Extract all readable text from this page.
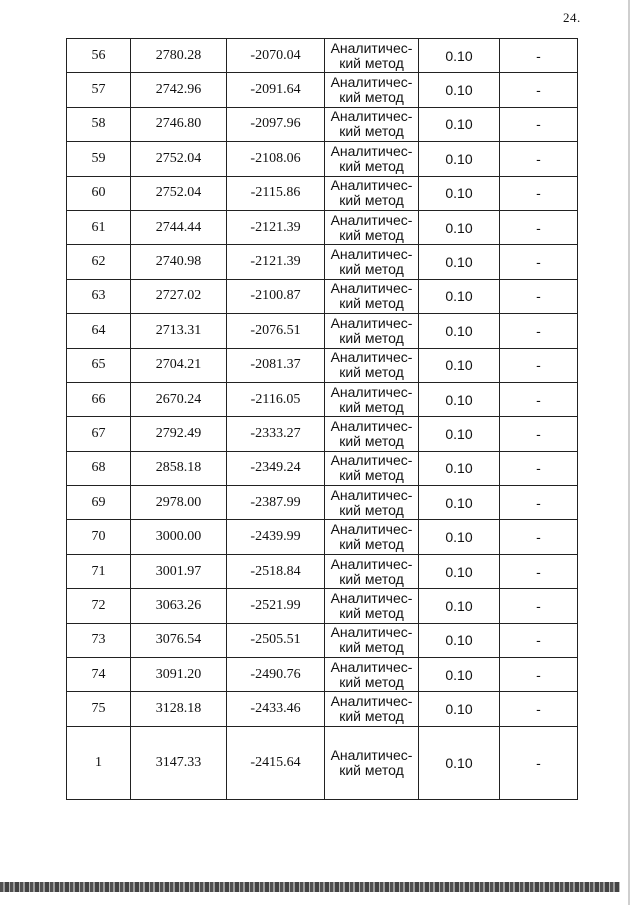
24.
56	2780.28	-2070.04	Аналитичес-
кий метод	0.10	-
57	2742.96	-2091.64	Аналитичес-
кий метод	0.10	-
58	2746.80	-2097.96	Аналитичес-
кий метод	0.10	-
59	2752.04	-2108.06	Аналитичес-
кий метод	0.10	-
60	2752.04	-2115.86	Аналитичес-
кий метод	0.10	-
61	2744.44	-2121.39	Аналитичес-
кий метод	0.10	-
62	2740.98	-2121.39	Аналитичес-
кий метод	0.10	-
63	2727.02	-2100.87	Аналитичес-
кий метод	0.10	-
64	2713.31	-2076.51	Аналитичес-
кий метод	0.10	-
65	2704.21	-2081.37	Аналитичес-
кий метод	0.10	-
66	2670.24	-2116.05	Аналитичес-
кий метод	0.10	-
67	2792.49	-2333.27	Аналитичес-
кий метод	0.10	-
68	2858.18	-2349.24	Аналитичес-
кий метод	0.10	-
69	2978.00	-2387.99	Аналитичес-
кий метод	0.10	-
70	3000.00	-2439.99	Аналитичес-
кий метод	0.10	-
71	3001.97	-2518.84	Аналитичес-
кий метод	0.10	-
72	3063.26	-2521.99	Аналитичес-
кий метод	0.10	-
73	3076.54	-2505.51	Аналитичес-
кий метод	0.10	-
74	3091.20	-2490.76	Аналитичес-
кий метод	0.10	-
75	3128.18	-2433.46	Аналитичес-
кий метод	0.10	-
1	3147.33	-2415.64	Аналитичес-
кий метод	0.10	-
